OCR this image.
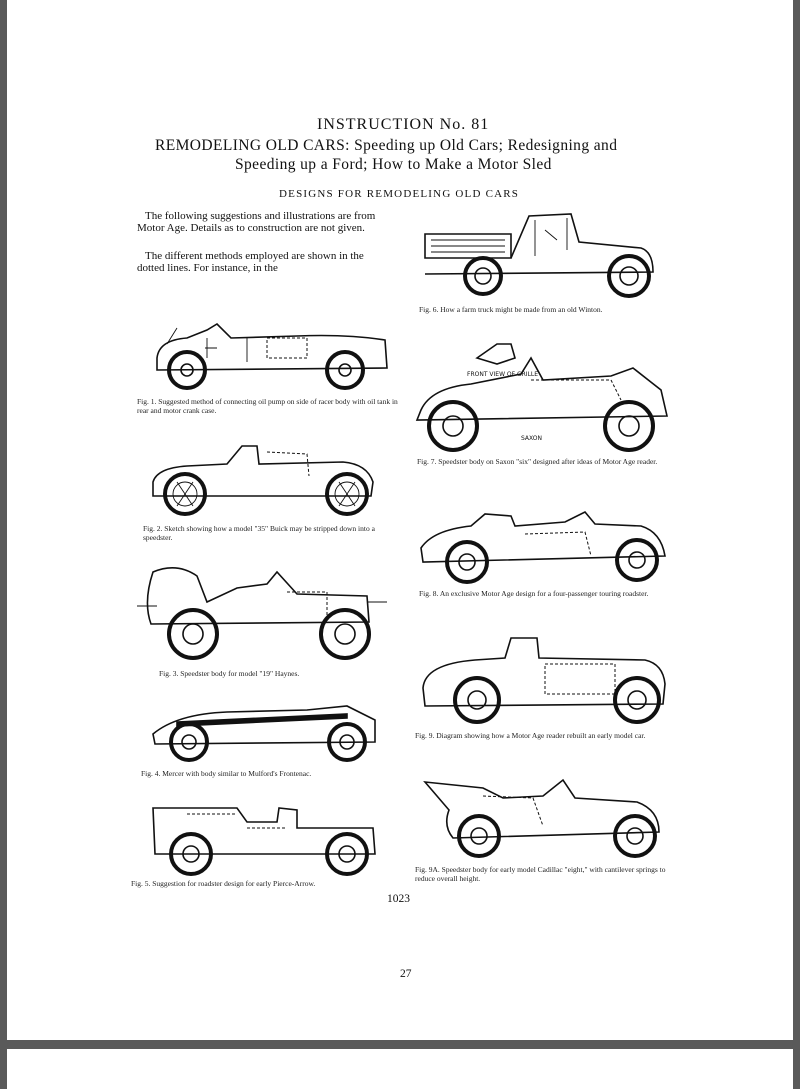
INSTRUCTION No. 81

REMODELING OLD CARS: Speeding up Old Cars; Redesigning and

Speeding up a Ford; How to Make a Motor Sled

DESIGNS FOR REMODELING OLD CARS

The following suggestions and illustrations are from Motor Age. Details as to construction are not given.

The different methods employed are shown in the dotted lines. For instance, in the

Fig. 1. Suggested method of connecting oil pump on side of racer body with oil tank in rear and motor crank case.

Fig. 2. Sketch showing how a model "35" Buick may be stripped down into a speedster.

Fig. 3. Speedster body for model "19" Haynes.

Fig. 4. Mercer with body similar to Mulford's Frontenac.

Fig. 5. Suggestion for roadster design for early Pierce-Arrow.

Fig. 6. How a farm truck might be made from an old Winton.

FRONT VIEW OF GRILLE
SAXON

Fig. 7. Speedster body on Saxon "six" designed after ideas of Motor Age reader.

Fig. 8. An exclusive Motor Age design for a four-passenger touring roadster.

Fig. 9. Diagram showing how a Motor Age reader rebuilt an early model car.

Fig. 9A. Speedster body for early model Cadillac "eight," with cantilever springs to reduce overall height.

1023

27
